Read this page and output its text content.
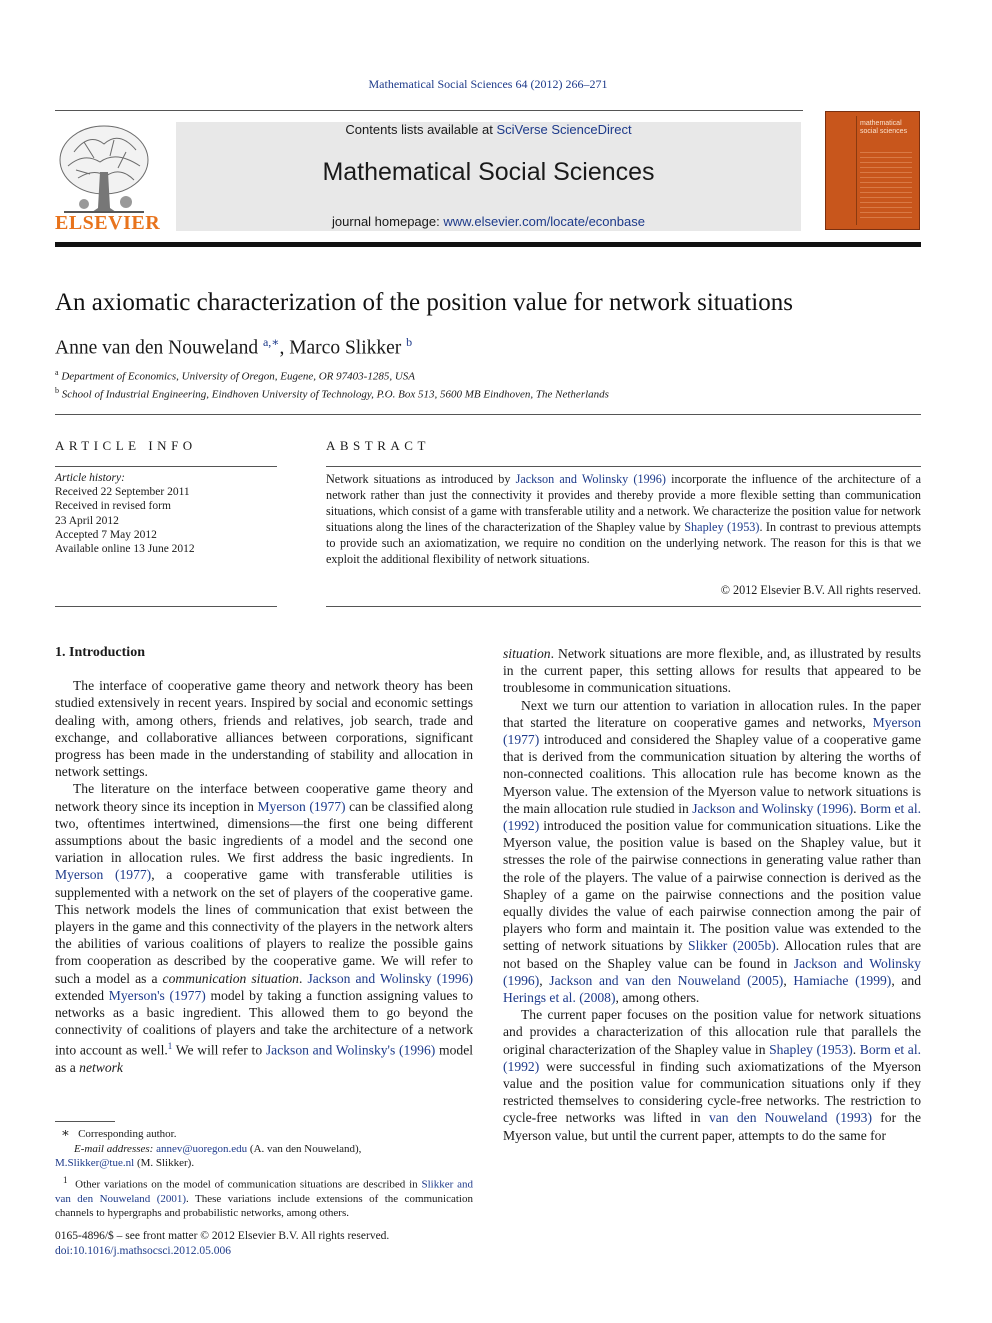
Mathematical Social Sciences 64 (2012) 266–271
ELSEVIER
Contents lists available at SciVerse ScienceDirect
Mathematical Social Sciences
journal homepage: www.elsevier.com/locate/econbase
mathematical social sciences
An axiomatic characterization of the position value for network situations
Anne van den Nouweland $^{a,∗}$, Marco Slikker $^b$
$^a$ Department of Economics, University of Oregon, Eugene, OR 97403-1285, USA
$^b$ School of Industrial Engineering, Eindhoven University of Technology, P.O. Box 513, 5600 MB Eindhoven, The Netherlands
ARTICLE INFO
Article history:
Received 22 September 2011
Received in revised form
23 April 2012
Accepted 7 May 2012
Available online 13 June 2012
ABSTRACT
Network situations as introduced by Jackson and Wolinsky (1996) incorporate the influence of the architecture of a network rather than just the connectivity it provides and thereby provide a more flexible setting than communication situations, which consist of a game with transferable utility and a network. We characterize the position value for network situations along the lines of the characterization of the Shapley value by Shapley (1953). In contrast to previous attempts to provide such an axiomatization, we require no condition on the underlying network. The reason for this is that we exploit the additional flexibility of network situations.
© 2012 Elsevier B.V. All rights reserved.
1. Introduction

The interface of cooperative game theory and network theory has been studied extensively in recent years. Inspired by social and economic settings dealing with, among others, friends and relatives, job search, trade and exchange, and collaborative alliances between corporations, significant progress has been made in the understanding of stability and allocation in network settings.

The literature on the interface between cooperative game theory and network theory since its inception in Myerson (1977) can be classified along two, oftentimes intertwined, dimensions—the first one being different assumptions about the basic ingredients of a model and the second one variation in allocation rules. We first address the basic ingredients. In Myerson (1977), a cooperative game with transferable utilities is supplemented with a network on the set of players of the cooperative game. This network models the lines of communication that exist between the players in the game and this connectivity of the players in the network alters the abilities of various coalitions of players to realize the possible gains from cooperation as described by the cooperative game. We will refer to such a model as a communication situation. Jackson and Wolinsky (1996) extended Myerson's (1977) model by taking a function assigning values to networks as a basic ingredient. This allowed them to go beyond the connectivity of coalitions of players and take the architecture of a network into account as well.$^1$ We will refer to Jackson and Wolinsky's (1996) model as a network

situation. Network situations are more flexible, and, as illustrated by results in the current paper, this setting allows for results that appeared to be troublesome in communication situations.

Next we turn our attention to variation in allocation rules. In the paper that started the literature on cooperative games and networks, Myerson (1977) introduced and considered the Shapley value of a cooperative game that is derived from the communication situation by altering the worths of non-connected coalitions. This allocation rule has become known as the Myerson value. The extension of the Myerson value to network situations is the main allocation rule studied in Jackson and Wolinsky (1996). Borm et al. (1992) introduced the position value for communication situations. Like the Myerson value, the position value is based on the Shapley value, but it stresses the role of the pairwise connections in generating value rather than the role of the players. The value of a pairwise connection is derived as the Shapley of a game on the pairwise connections and the position value equally divides the value of each pairwise connection among the pair of players who form and maintain it. The position value was extended to the setting of network situations by Slikker (2005b). Allocation rules that are not based on the Shapley value can be found in Jackson and Wolinsky (1996), Jackson and van den Nouweland (2005), Hamiache (1999), and Herings et al. (2008), among others.

The current paper focuses on the position value for network situations and provides a characterization of this allocation rule that parallels the original characterization of the Shapley value in Shapley (1953). Borm et al. (1992) were successful in finding such axiomatizations of the Myerson value and the position value for communication situations only if they restricted themselves to considering cycle-free networks. The restriction to cycle-free networks was lifted in van den Nouweland (1993) for the Myerson value, but until the current paper, attempts to do the same for

∗ Corresponding author.

E-mail addresses: annev@uoregon.edu (A. van den Nouweland),

M.Slikker@tue.nl (M. Slikker).

$^1$ Other variations on the model of communication situations are described in Slikker and van den Nouweland (2001). These variations include extensions of the communication channels to hypergraphs and probabilistic networks, among others.

0165-4896/$ – see front matter © 2012 Elsevier B.V. All rights reserved.
doi:10.1016/j.mathsocsci.2012.05.006
